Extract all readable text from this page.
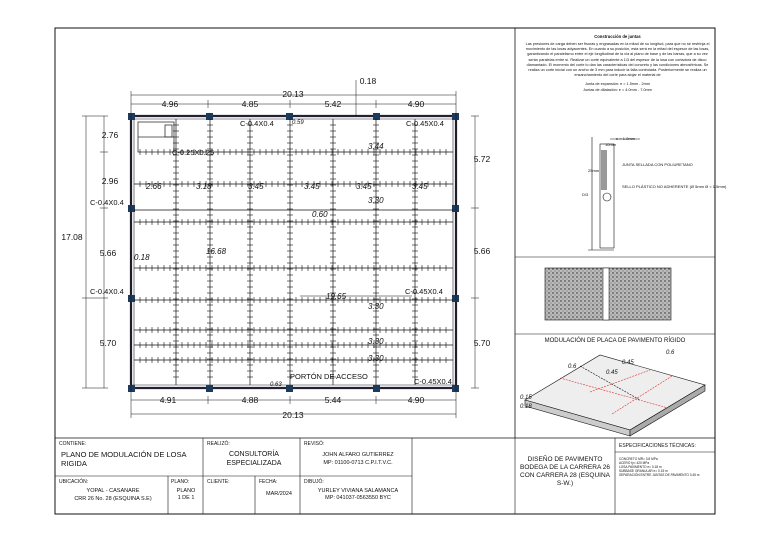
20.13
4.96	4.85	5.42	4.90
4.91	4.88	5.44	4.90
20.13
17.08
5.66
5.70
2.76
2.96
5.72
5.66
5.70
0.18
C-0.4X0.4	C-0.45X0.4
C-0.4X0.4
C-0.25X0.25
C-0.4X0.4	C-0.45X0.4
C-0.45X0.4
0.59
3.44
2.66	3.18	3.45	3.45	3.45	3.45
3.30
0.60
0.18
16.68
19.65
3.30
3.30
3.30
0.63
PORTÓN DE ACCESO
e = 1.0mm
10mm
JUNTA SELLADA CON POLIURETANO
SELLO PLÁSTICO NO ADHERENTE (Ø 5mm Ø = 1.5mm)
D/3
25mm
0.6
0.45
0.45
0.6
0.15
0.18
MODULACIÓN DE PLACA DE PAVIMENTO RÍGIDO
Construcción de juntas
Las presiones de carga deben ser fisuras y engrasadas en la mitad de su longitud, para que no se restrinja el movimiento de las losas adyacentes. En cuanto a su posición, esta será en la mitad del espesor de las losas, garantizando el paralelismo entre el eje longitudinal de la vía al plano de base y de las barras, que a su vez serán paralelas entre sí. Realizar un corte equivalente a 1/3 del espesor de la losa con cortadora de disco diamantado. El momento del corte lo dan las características del concreto y las condiciones atmosféricas. Se realiza un corte inicial con un ancho de 3 mm para inducir la falla controlada. Posteriormente se realiza un ensanchamiento del corte para alojar el material de
Junta de expansión: e = 1.5mm - 2mm
Juntas de dilatación: e = 4.0mm - 7.0mm
CONTIENE:
PLANO DE MODULACIÓN DE LOSA RIGIDA
REALIZÓ:
CONSULTORÍA ESPECIALIZADA
REVISÓ:
JOHN ALFARO GUTIERREZ
MP: 01100-0713 C.P.I.T.V.C.
UBICACIÓN:
YOPAL - CASANARE
CRR 26 No. 28 (ESQUINA S.E)
PLANO:
PLANO
1 DE 1
CLIENTE:	FECHA:
MAR/2024
DIBUJÓ:
YURLEY VIVIANA SALAMANCA
MP: 041037-0563550 BYC
DISEÑO DE PAVIMENTO BODEGA DE LA CARRERA 26 CON CARRERA 28 (ESQUINA S-W.)
ESPECIFICACIONES TÉCNICAS:
CONCRETO MR= 3.8 MPa
ACERO fy= 420 MPa
LOSA PAVIMENTO e= 0.18 m
SUBBASE GRANULAR e= 0.15 m
SEPARACIÓN ENTRE JUNTAS DE PAVIMENTO 3.45 m
